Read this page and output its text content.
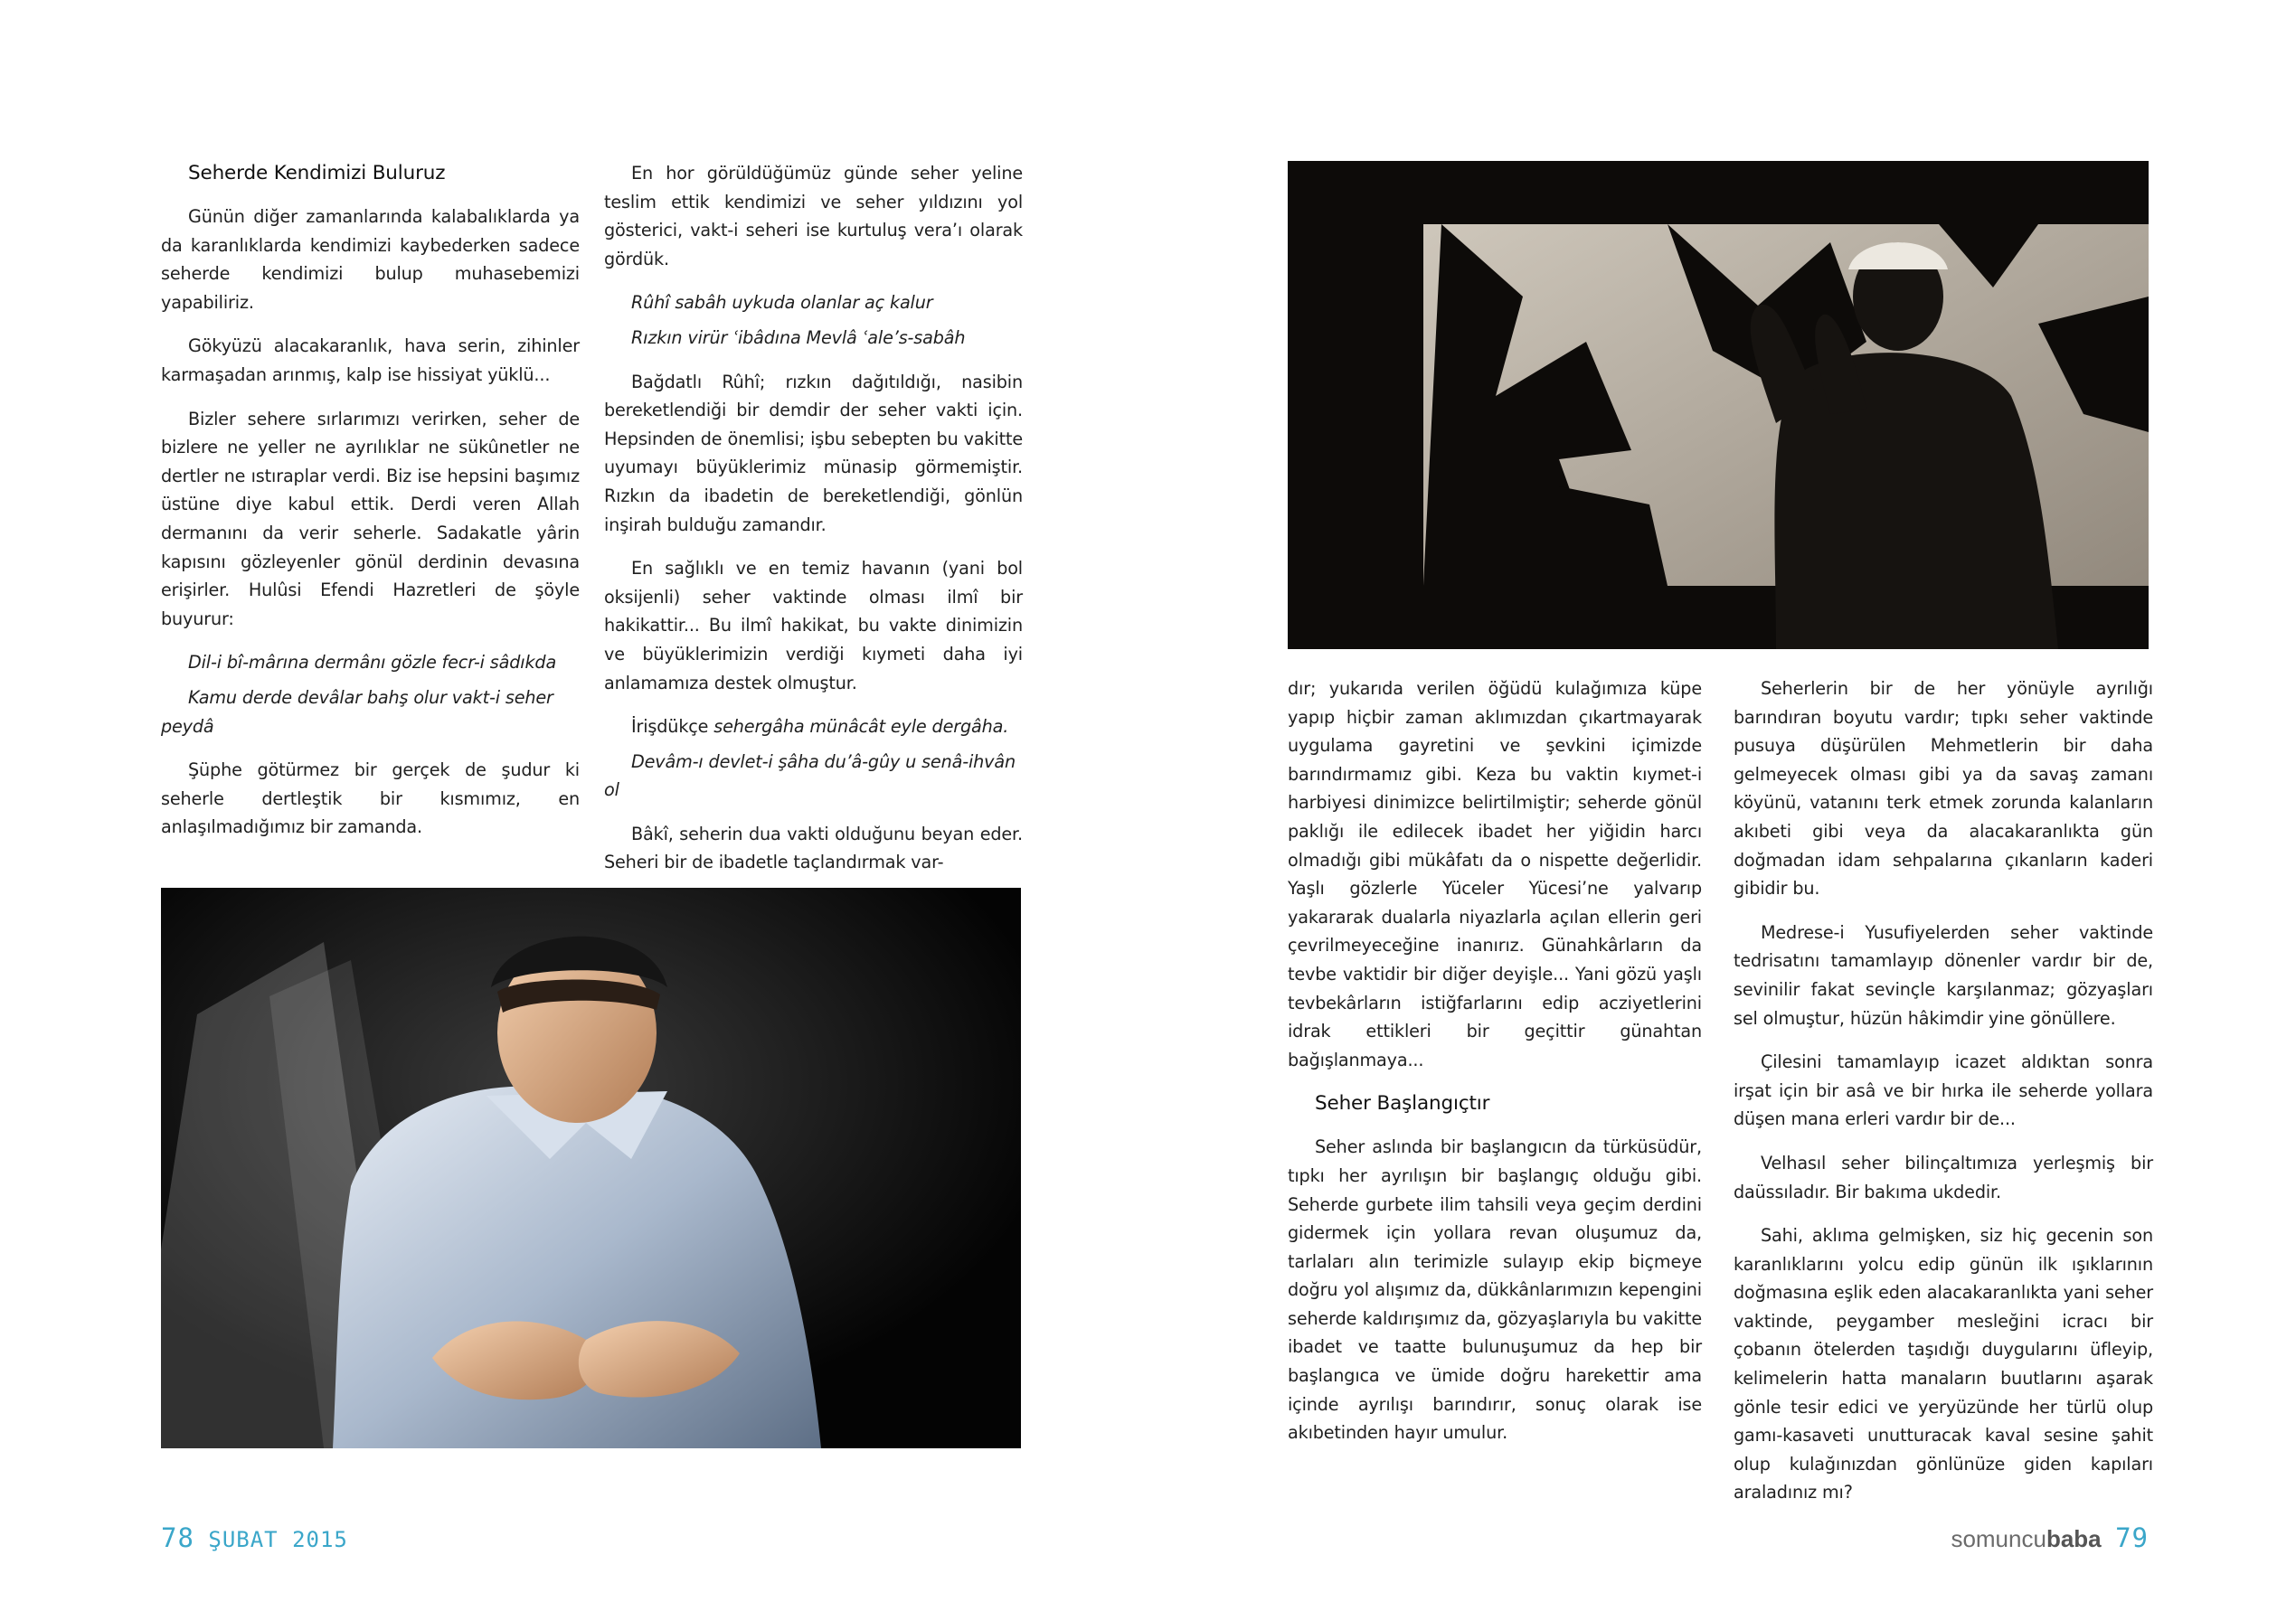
Seherde Kendimizi Buluruz

Günün diğer zamanlarında kalabalıklarda ya da karanlıklarda kendimizi kaybederken sadece seherde kendimizi bulup muhasebemizi yapabiliriz.

Gökyüzü alacakaranlık, hava serin, zihinler karmaşadan arınmış, kalp ise hissiyat yüklü...

Bizler sehere sırlarımızı verirken, seher de bizlere ne yeller ne ayrılıklar ne sükûnetler ne dertler ne ıstıraplar verdi. Biz ise hepsini başımız üstüne diye kabul ettik. Derdi veren Allah dermanını da verir seherle. Sadakatle yârin kapısını gözleyenler gönül derdinin devasına erişirler. Hulûsi Efendi Hazretleri de şöyle buyurur:

Dil-i bî-mârına dermânı gözle fecr-i sâdıkda

Kamu derde devâlar bahş olur vakt-i seher peydâ

Şüphe götürmez bir gerçek de şudur ki seherle dertleştik bir kısmımız, en anlaşılmadığımız bir zamanda.

En hor görüldüğümüz günde seher yeline teslim ettik kendimizi ve seher yıldızını yol gösterici, vakt-i seheri ise kurtuluş vera’ı olarak gördük.

Rûhî sabâh uykuda olanlar aç kalur

Rızkın virür ʿibâdına Mevlâ ʿale’s-sabâh

Bağdatlı Rûhî; rızkın dağıtıldığı, nasibin bereketlendiği bir demdir der seher vakti için. Hepsinden de önemlisi; işbu sebepten bu vakitte uyumayı büyüklerimiz münasip görmemiştir. Rızkın da ibadetin de bereketlendiği, gönlün inşirah bulduğu zamandır.

En sağlıklı ve en temiz havanın (yani bol oksijenli) seher vaktinde olması ilmî bir hakikattir... Bu ilmî hakikat, bu vakte dinimizin ve büyüklerimizin verdiği kıymeti daha iyi anlamamıza destek olmuştur.

İrişdükçe sehergâha münâcât eyle dergâha.

Devâm-ı devlet-i şâha du’â-gûy u senâ-ihvân ol

Bâkî, seherin dua vakti olduğunu beyan eder. Seheri bir de ibadetle taçlandırmak var-

78 ŞUBAT 2015

dır; yukarıda verilen öğüdü kulağımıza küpe yapıp hiçbir zaman aklımızdan çıkartmayarak uygulama gayretini ve şevkini içimizde barındırmamız gibi. Keza bu vaktin kıymet-i harbiyesi dinimizce belirtilmiştir; seherde gönül paklığı ile edilecek ibadet her yiğidin harcı olmadığı gibi mükâfatı da o nispette değerlidir. Yaşlı gözlerle Yüceler Yücesi’ne yalvarıp yakararak dualarla niyazlarla açılan ellerin geri çevrilmeyeceğine inanırız. Günahkârların da tevbe vaktidir bir diğer deyişle... Yani gözü yaşlı tevbekârların istiğfarlarını edip acziyetlerini idrak ettikleri bir geçittir günahtan bağışlanmaya...

Seher Başlangıçtır

Seher aslında bir başlangıcın da türküsüdür, tıpkı her ayrılışın bir başlangıç olduğu gibi. Seherde gurbete ilim tahsili veya geçim derdini gidermek için yollara revan oluşumuz da, tarlaları alın terimizle sulayıp ekip biçmeye doğru yol alışımız da, dükkânlarımızın kepengini seherde kaldırışımız da, gözyaşlarıyla bu vakitte ibadet ve taatte bulunuşumuz da hep bir başlangıca ve ümide doğru harekettir ama içinde ayrılışı barındırır, sonuç olarak ise akıbetinden hayır umulur.

Seherlerin bir de her yönüyle ayrılığı barındıran boyutu vardır; tıpkı seher vaktinde pusuya düşürülen Mehmetlerin bir daha gelmeyecek olması gibi ya da savaş zamanı köyünü, vatanını terk etmek zorunda kalanların akıbeti gibi veya da alacakaranlıkta gün doğmadan idam sehpalarına çıkanların kaderi gibidir bu.

Medrese-i Yusufiyelerden seher vaktinde tedrisatını tamamlayıp dönenler vardır bir de, sevinilir fakat sevinçle karşılanmaz; gözyaşları sel olmuştur, hüzün hâkimdir yine gönüllere.

Çilesini tamamlayıp icazet aldıktan sonra irşat için bir asâ ve bir hırka ile seherde yollara düşen mana erleri vardır bir de...

Velhasıl seher bilinçaltımıza yerleşmiş bir daüssıladır. Bir bakıma ukdedir.

Sahi, aklıma gelmişken, siz hiç gecenin son karanlıklarını yolcu edip günün ilk ışıklarının doğmasına eşlik eden alacakaranlıkta yani seher vaktinde, peygamber mesleğini icracı bir çobanın ötelerden taşıdığı duygularını üfleyip, kelimelerin hatta manaların buutlarını aşarak gönle tesir edici ve yeryüzünde her türlü olup gamı-kasaveti unutturacak kaval sesine şahit olup kulağınızdan gönlünüze giden kapıları araladınız mı?

somuncubaba 79
